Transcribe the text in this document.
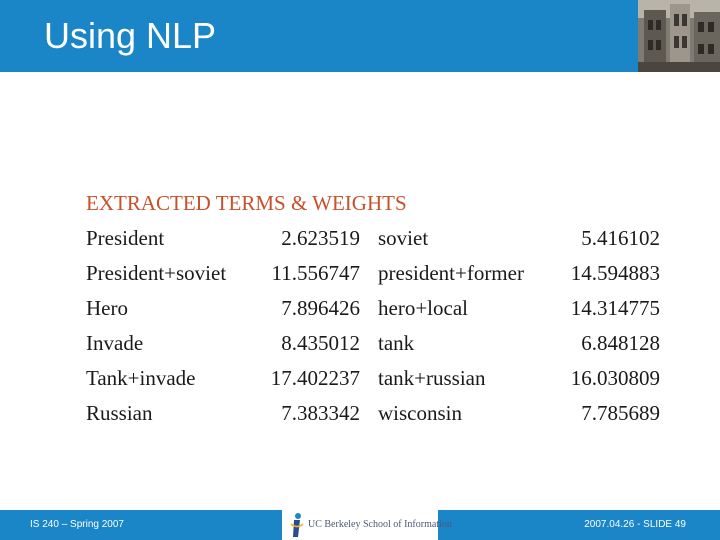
Using NLP
EXTRACTED TERMS & WEIGHTS
President	2.623519 soviet	5.416102
President+soviet 11.556747 president+former 14.594883
Hero	7.896426 hero+local	14.314775
Invade	8.435012 tank	6.848128
Tank+invade	17.402237 tank+russian	16.030809
Russian	7.383342 wisconsin	7.785689
IS 240 – Spring 2007	UC Berkeley School of Information	2007.04.26 - SLIDE 49
